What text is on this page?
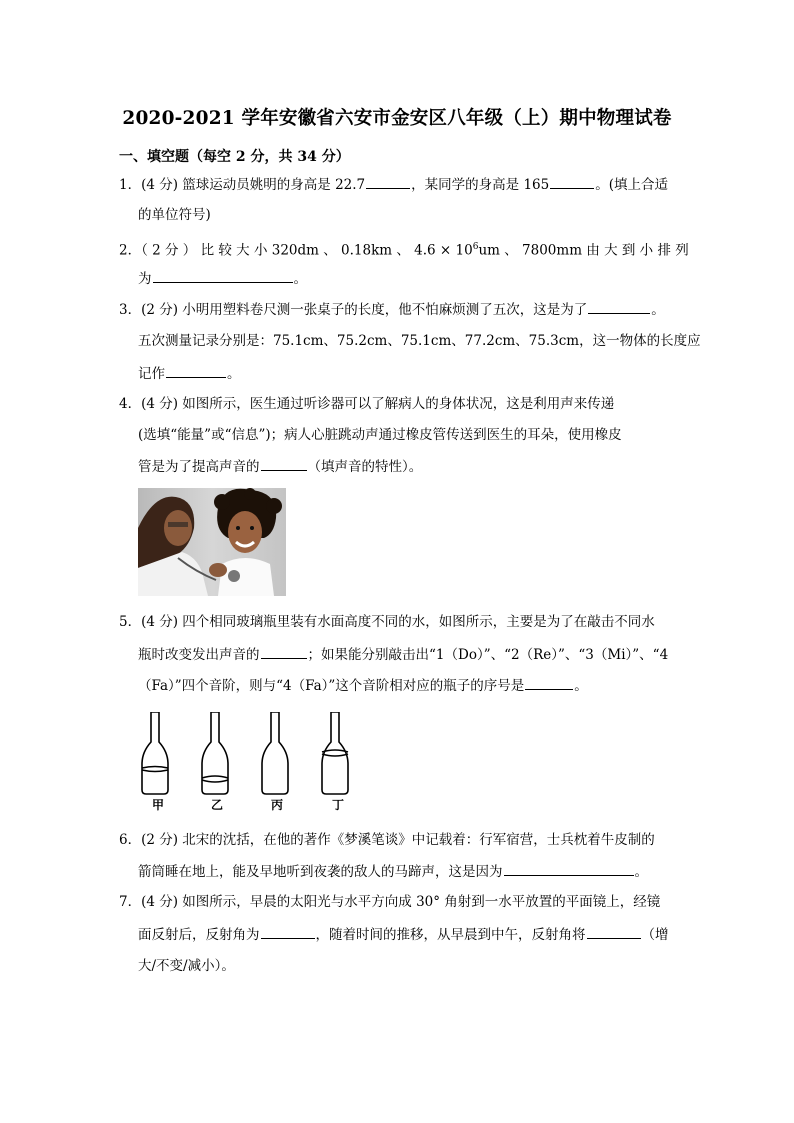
2020-2021 学年安徽省六安市金安区八年级（上）期中物理试卷
一、填空题（每空 2 分，共 34 分）
1．(4 分) 篮球运动员姚明的身高是 22.7	，某同学的身高是 165	。(填上合适
的单位符号)
2．（ 2 分 ） 比 较 大 小 320dm 、 0.18km 、 $4.6 \times 10^6um$ 、 7800mm 由 大 到 小 排 列
为	。
3．(2 分) 小明用塑料卷尺测一张桌子的长度，他不怕麻烦测了五次，这是为了	。
五次测量记录分别是：75.1cm、75.2cm、75.1cm、77.2cm、75.3cm，这一物体的长度应
记作	。
4．(4 分) 如图所示，医生通过听诊器可以了解病人的身体状况，这是利用声来传递
(选填“能量”或“信息”)；病人心脏跳动声通过橡皮管传送到医生的耳朵，使用橡皮
管是为了提高声音的	（填声音的特性）。
5．(4 分) 四个相同玻璃瓶里装有水面高度不同的水，如图所示，主要是为了在敲击不同水
瓶时改变发出声音的	；如果能分别敲击出“1（Do）”、“2（Re）”、“3（Mi）”、“4
（Fa）”四个音阶，则与“4（Fa）”这个音阶相对应的瓶子的序号是	。
甲	乙	丙	丁
6．(2 分) 北宋的沈括，在他的著作《梦溪笔谈》中记载着：行军宿营，士兵枕着牛皮制的
箭筒睡在地上，能及早地听到夜袭的敌人的马蹄声，这是因为	。
7．(4 分) 如图所示，早晨的太阳光与水平方向成 30° 角射到一水平放置的平面镜上，经镜
面反射后，反射角为	，随着时间的推移，从早晨到中午，反射角将	（增
大/不变/减小）。
